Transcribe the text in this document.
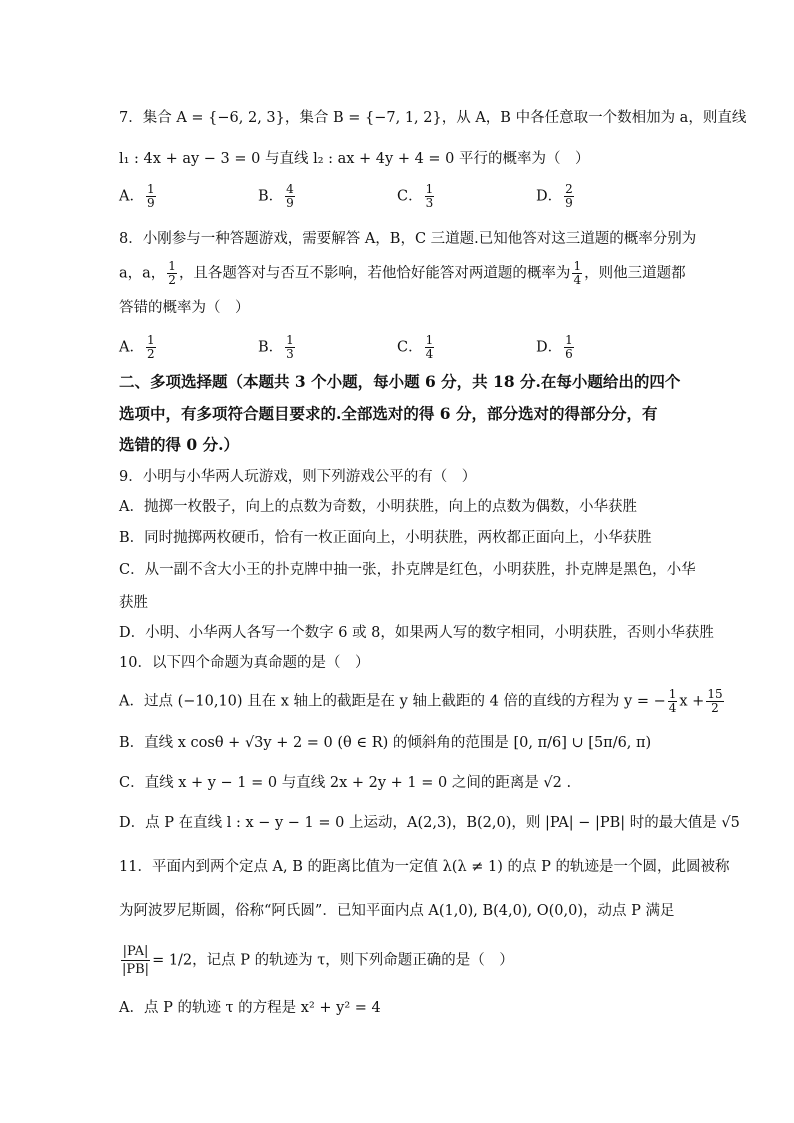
7．集合 A = {−6, 2, 3}，集合 B = {−7, 1, 2}，从 A，B 中各任意取一个数相加为 a，则直线
l₁ : 4x + ay − 3 = 0 与直线 l₂ : ax + 4y + 4 = 0 平行的概率为（　）
A． $\frac{1}{9}$	B． $\frac{4}{9}$	C． $\frac{1}{3}$	D． $\frac{2}{9}$
8．小刚参与一种答题游戏，需要解答 A，B，C 三道题.已知他答对这三道题的概率分别为
a，a， $\frac{1}{2}$ ，且各题答对与否互不影响，若他恰好能答对两道题的概率为 $\frac{1}{4}$ ，则他三道题都
答错的概率为（　）
A． $\frac{1}{2}$	B． $\frac{1}{3}$	C． $\frac{1}{4}$	D． $\frac{1}{6}$
二、多项选择题（本题共 3 个小题，每小题 6 分，共 18 分.在每小题给出的四个
选项中，有多项符合题目要求的.全部选对的得 6 分，部分选对的得部分分，有
选错的得 0 分.）
9．小明与小华两人玩游戏，则下列游戏公平的有（　）
A．抛掷一枚骰子，向上的点数为奇数，小明获胜，向上的点数为偶数，小华获胜
B．同时抛掷两枚硬币，恰有一枚正面向上，小明获胜，两枚都正面向上，小华获胜
C．从一副不含大小王的扑克牌中抽一张，扑克牌是红色，小明获胜，扑克牌是黑色，小华
获胜
D．小明、小华两人各写一个数字 6 或 8，如果两人写的数字相同，小明获胜，否则小华获胜
10．以下四个命题为真命题的是（　）
A．过点 (−10,10) 且在 x 轴上的截距是在 y 轴上截距的 4 倍的直线的方程为 y = − $\frac{1}{4}$ $x + \frac{15}{2}$
B．直线 x cosθ + √3y + 2 = 0 (θ ∈ R) 的倾斜角的范围是 [0, π/6] ∪ [5π/6, π)
C．直线 x + y − 1 = 0 与直线 2x + 2y + 1 = 0 之间的距离是 √2 .
D．点 P 在直线 l : x − y − 1 = 0 上运动，A(2,3)，B(2,0)，则 |PA| − |PB| 时的最大值是 √5
11．平面内到两个定点 A, B 的距离比值为一定值 λ(λ ≠ 1) 的点 P 的轨迹是一个圆，此圆被称
为阿波罗尼斯圆，俗称“阿氏圆”．已知平面内点 A(1,0), B(4,0), O(0,0)，动点 P 满足
$\frac{|PA|}{|PB|} = 1/2$，记点 P 的轨迹为 τ，则下列命题正确的是（　）
A．点 P 的轨迹 τ 的方程是 x² + y² = 4
